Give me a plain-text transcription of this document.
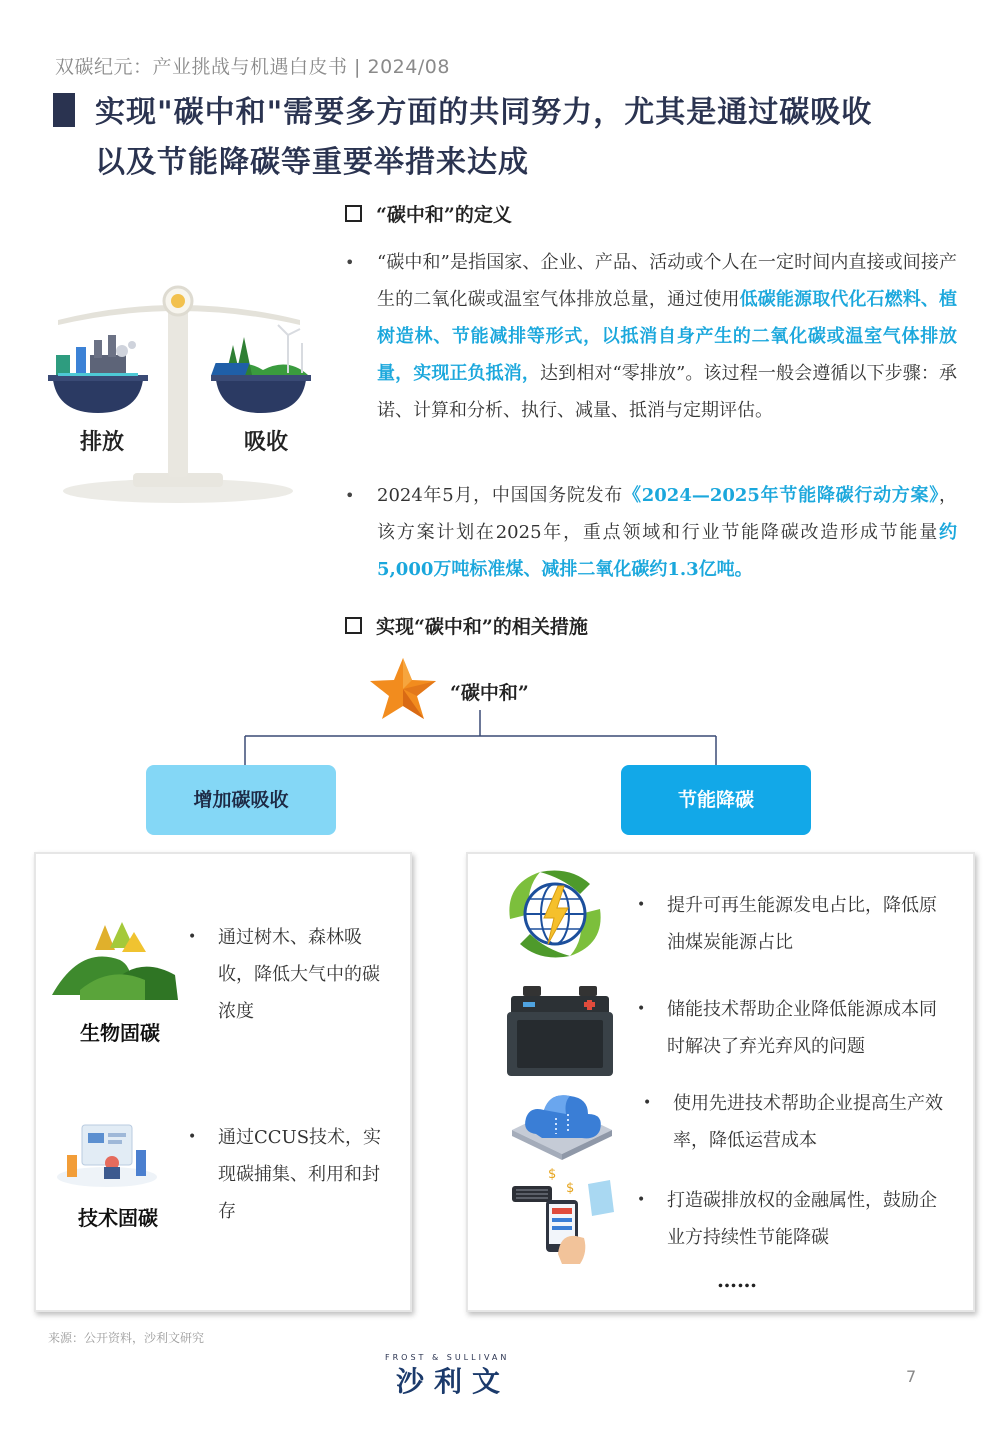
双碳纪元：产业挑战与机遇白皮书 | 2024/08
实现"碳中和"需要多方面的共同努力，尤其是通过碳吸收
以及节能降碳等重要举措来达成
排放	吸收
“碳中和”的定义
•	“碳中和”是指国家、企业、产品、活动或个人在一定时间内直接或间接产生的二氧化碳或温室气体排放总量，通过使用低碳能源取代化石燃料、植树造林、节能减排等形式，以抵消自身产生的二氧化碳或温室气体排放量，实现正负抵消，达到相对“零排放”。该过程一般会遵循以下步骤：承诺、计算和分析、执行、减量、抵消与定期评估。
•	2024年5月，中国国务院发布《2024—2025年节能降碳行动方案》，该方案计划在2025年，重点领域和行业节能降碳改造形成节能量约5,000万吨标准煤、减排二氧化碳约1.3亿吨。
实现“碳中和”的相关措施
“碳中和”
增加碳吸收	节能降碳
生物固碳
•	通过树木、森林吸收，降低大气中的碳浓度
技术固碳
•	通过CCUS技术，实现碳捕集、利用和封存
•	提升可再生能源发电占比，降低原油煤炭能源占比
•	储能技术帮助企业降低能源成本同时解决了弃光弃风的问题
•	使用先进技术帮助企业提高生产效率，降低运营成本
$
$
•	打造碳排放权的金融属性，鼓励企业方持续性节能降碳
……
来源：公开资料，沙利文研究
FROST & SULLIVAN
沙利文	7
